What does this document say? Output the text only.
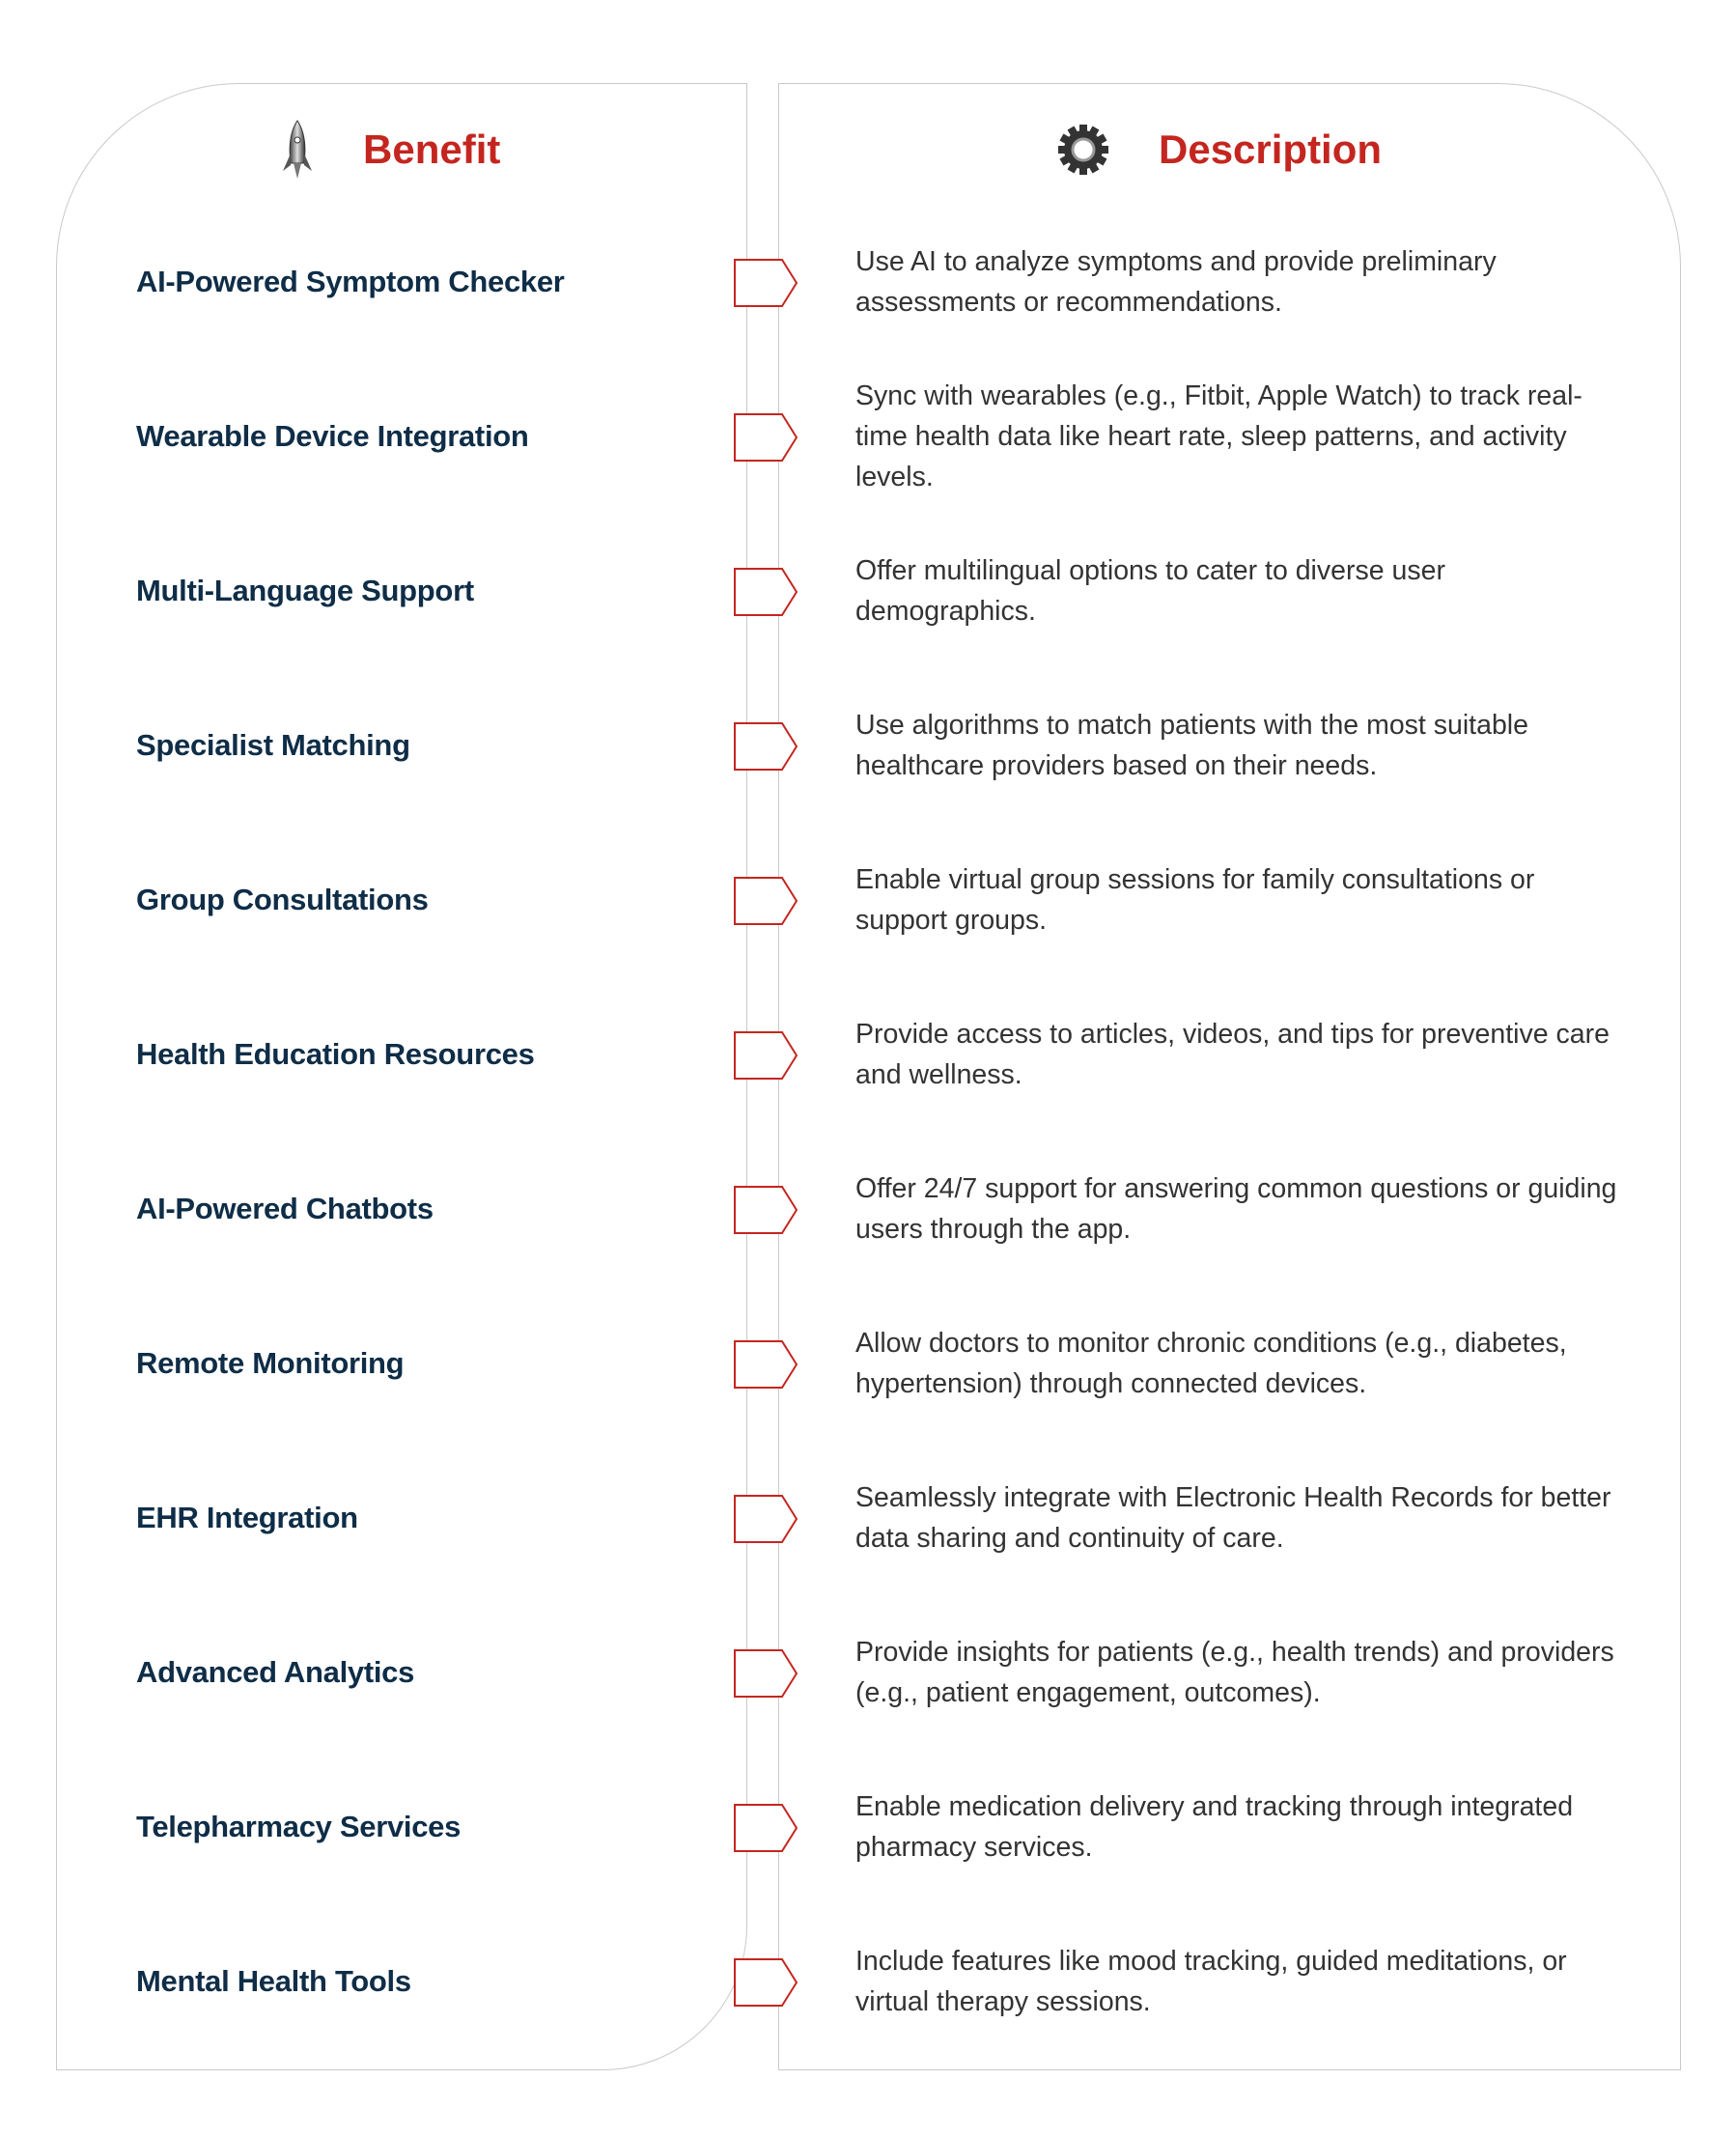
Benefit	Description
AI-Powered Symptom Checker
Use AI to analyze symptoms and provide preliminary assessments or recommendations.
Wearable Device Integration
Sync with wearables (e.g., Fitbit, Apple Watch) to track real-time health data like heart rate, sleep patterns, and activity levels.
Multi-Language Support
Offer multilingual options to cater to diverse user demographics.
Specialist Matching
Use algorithms to match patients with the most suitable healthcare providers based on their needs.
Group Consultations
Enable virtual group sessions for family consultations or support groups.
Health Education Resources
Provide access to articles, videos, and tips for preventive care and wellness.
AI-Powered Chatbots
Offer 24/7 support for answering common questions or guiding users through the app.
Remote Monitoring
Allow doctors to monitor chronic conditions (e.g., diabetes, hypertension) through connected devices.
EHR Integration
Seamlessly integrate with Electronic Health Records for better data sharing and continuity of care.
Advanced Analytics
Provide insights for patients (e.g., health trends) and providers (e.g., patient engagement, outcomes).
Telepharmacy Services
Enable medication delivery and tracking through integrated pharmacy services.
Mental Health Tools
Include features like mood tracking, guided meditations, or virtual therapy sessions.
